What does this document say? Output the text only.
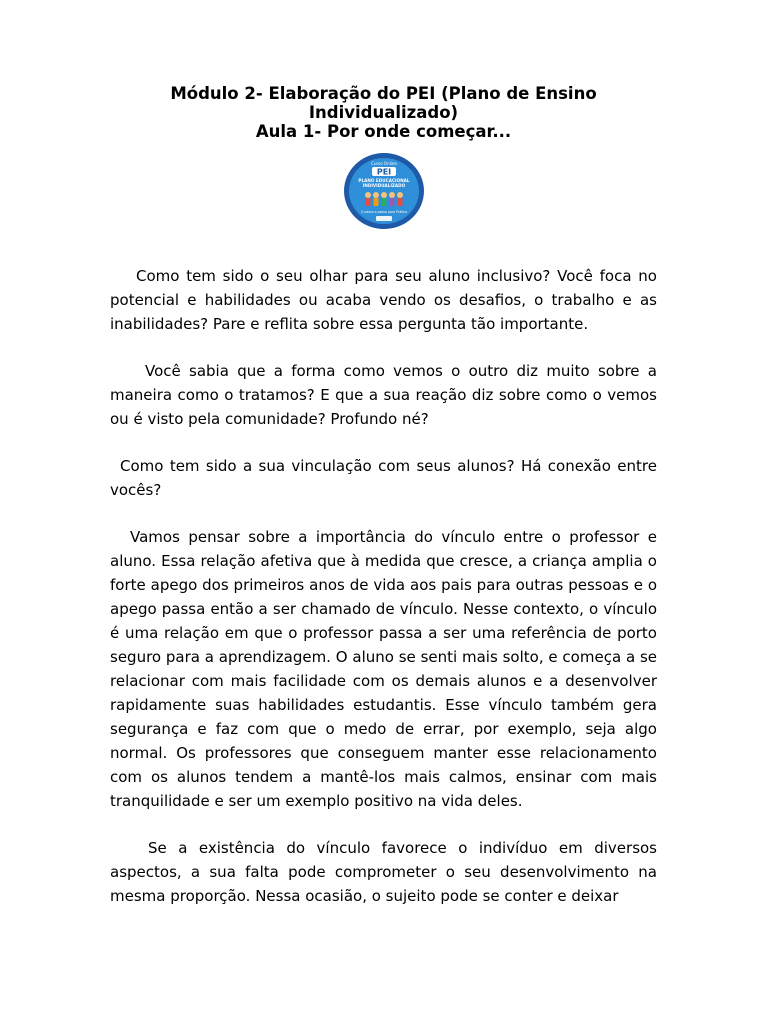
Módulo 2- Elaboração do PEI (Plano de Ensino
Individualizado)
Aula 1- Por onde começar...
Curso Online
PEI
PLANO EDUCACIONAL
INDIVIDUALIZADO
O passo a passo para Prática

Como tem sido o seu olhar para seu aluno inclusivo? Você foca no potencial e habilidades ou acaba vendo os desafios, o trabalho e as inabilidades? Pare e reflita sobre essa pergunta tão importante.

Você sabia que a forma como vemos o outro diz muito sobre a maneira como o tratamos? E que a sua reação diz sobre como o vemos ou é visto pela comunidade? Profundo né?

Como tem sido a sua vinculação com seus alunos? Há conexão entre vocês?

Vamos pensar sobre a importância do vínculo entre o professor e aluno. Essa relação afetiva que à medida que cresce, a criança amplia o forte apego dos primeiros anos de vida aos pais para outras pessoas e o apego passa então a ser chamado de vínculo. Nesse contexto, o vínculo é uma relação em que o professor passa a ser uma referência de porto seguro para a aprendizagem. O aluno se senti mais solto, e começa a se relacionar com mais facilidade com os demais alunos e a desenvolver rapidamente suas habilidades estudantis. Esse vínculo também gera segurança e faz com que o medo de errar, por exemplo, seja algo normal. Os professores que conseguem manter esse relacionamento com os alunos tendem a mantê-los mais calmos, ensinar com mais tranquilidade e ser um exemplo positivo na vida deles.

Se a existência do vínculo favorece o indivíduo em diversos aspectos, a sua falta pode comprometer o seu desenvolvimento na mesma proporção. Nessa ocasião, o sujeito pode se conter e deixar
